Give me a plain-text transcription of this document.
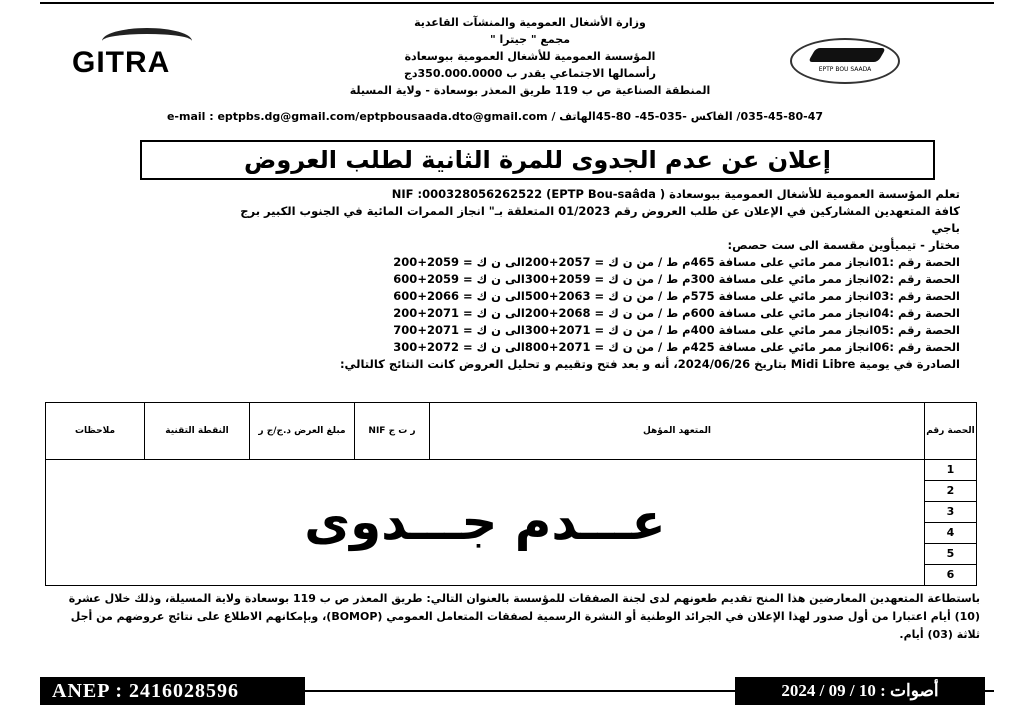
GITRA	EPTP BOU SAADA
وزارة الأشغال العمومية والمنشآت القاعدية
مجمع " جيترا "
المؤسسة العمومية للأشغال العمومية ببوسعادة
رأسمالها الاجتماعي يقدر ب 350.000.0000دج
المنطقة الصناعية ص ب 119 طريق المعذر بوسعادة - ولاية المسيلة
035-45-80-47/ الفاكس -035-45- 80-45الهاتف / e-mail : eptpbs.dg@gmail.com/eptpbousaada.dto@gmail.com
إعلان عن عدم الجدوى للمرة الثانية لطلب العروض
تعلم المؤسسة العمومية للأشغال العمومية ببوسعادة ( EPTP Bou-saâda) NIF :000328056262522
كافة المتعهدين المشاركين في الإعلان عن طلب العروض رقم 01/2023 المتعلقة بـ" انجاز الممرات المائية في الجنوب الكبير برج باجي
مختار - تيميأوين مقسمة الى ست حصص:
الحصة رقم :01انجاز ممر مائي على مسافة 465م ط / من ن ك = 2057+200الى ن ك = 2059+200
الحصة رقم :02انجاز ممر مائي على مسافة 300م ط / من ن ك = 2059+300الى ن ك = 2059+600
الحصة رقم :03انجاز ممر مائي على مسافة 575م ط / من ن ك = 2063+500الى ن ك = 2066+600
الحصة رقم :04انجاز ممر مائي على مسافة 600م ط / من ن ك = 2068+200الى ن ك = 2071+200
الحصة رقم :05انجاز ممر مائي على مسافة 400م ط / من ن ك = 2071+300الى ن ك = 2071+700
الحصة رقم :06انجاز ممر مائي على مسافة 425م ط / من ن ك = 2071+800الى ن ك = 2072+300
الصادرة في يومية Midi Libre بتاريخ 2024/06/26، أنه و بعد فتح وتقييم و تحليل العروض كانت النتائج كالتالي:
الحصة رقم	المتعهد المؤهل	ر ت ج NIF	مبلغ العرض د.ج/ج ر	النقطة التقنية	ملاحظات
1	عـــدم جـــدوى				
2					
3					
4					
5					
6					
باستطاعة المتعهدين المعارضين هذا المنح تقديم طعونهم لدى لجنة الصفقات للمؤسسة بالعنوان التالي: طريق المعذر ص ب 119 بوسعادة ولاية المسيلة، وذلك خلال عشرة (10) أيام اعتبارا من أول صدور لهذا الإعلان في الجرائد الوطنية أو النشرة الرسمية لصفقات المتعامل العمومي (BOMOP)، وبإمكانهم الاطلاع على نتائج عروضهم من أجل ثلاثة (03) أيام.
ANEP : 2416028596	أصوات : 10 / 09 / 2024
